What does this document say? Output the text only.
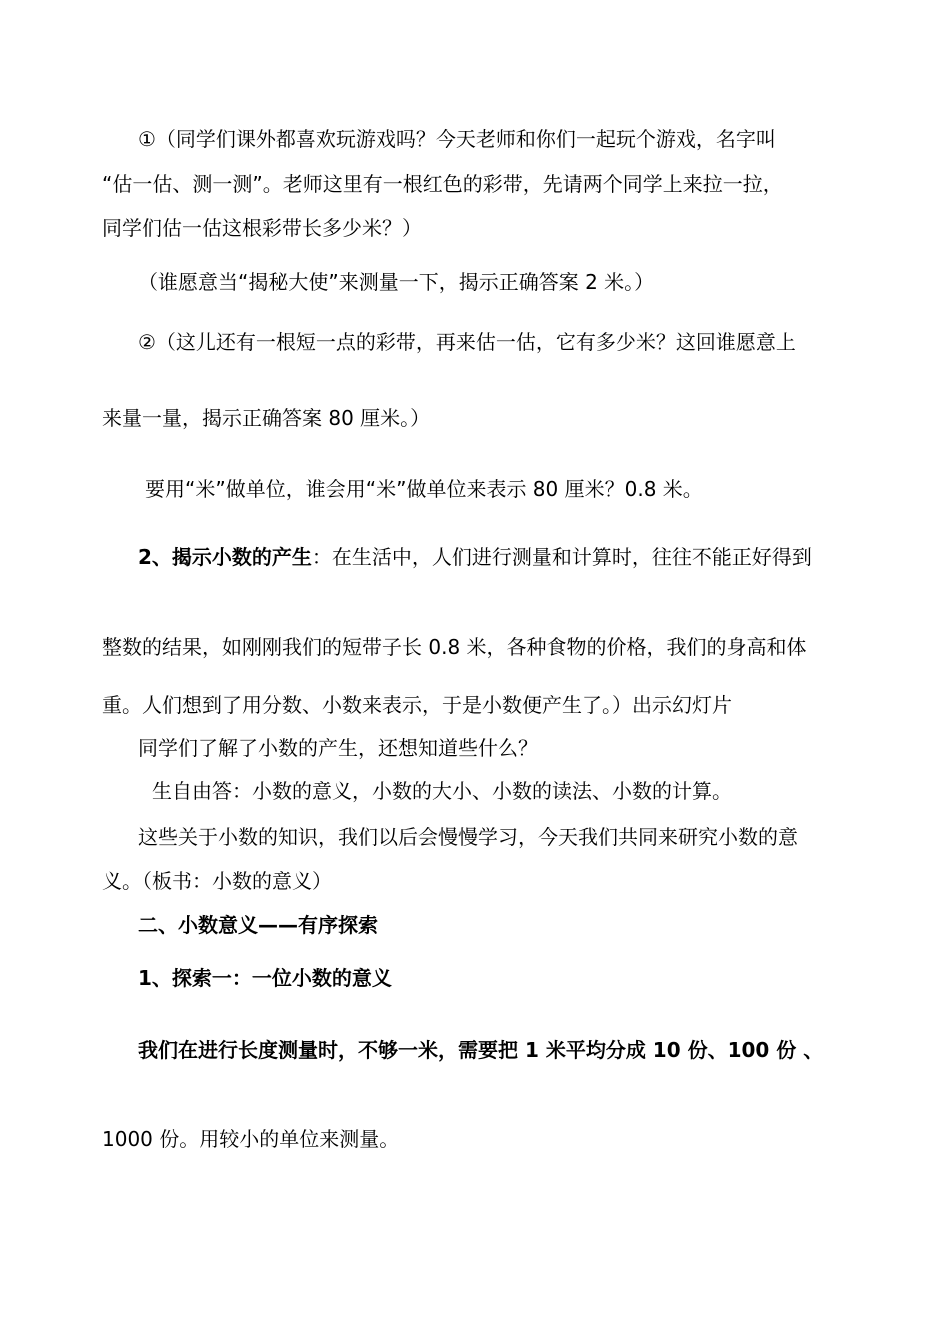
①（同学们课外都喜欢玩游戏吗？今天老师和你们一起玩个游戏，名字叫

“估一估、测一测”。老师这里有一根红色的彩带，先请两个同学上来拉一拉，

同学们估一估这根彩带长多少米？）

（谁愿意当“揭秘大使”来测量一下，揭示正确答案 2 米。）

②（这儿还有一根短一点的彩带，再来估一估，它有多少米？这回谁愿意上

来量一量，揭示正确答案 80 厘米。）

要用“米”做单位，谁会用“米”做单位来表示 80 厘米？0.8 米。

2、揭示小数的产生：在生活中，人们进行测量和计算时，往往不能正好得到

整数的结果，如刚刚我们的短带子长 0.8 米，各种食物的价格，我们的身高和体

重。人们想到了用分数、小数来表示，于是小数便产生了。）出示幻灯片

同学们了解了小数的产生，还想知道些什么？

生自由答：小数的意义，小数的大小、小数的读法、小数的计算。

这些关于小数的知识，我们以后会慢慢学习，今天我们共同来研究小数的意

义。（板书：小数的意义）

二、小数意义——有序探索

1、探索一：一位小数的意义

我们在进行长度测量时，不够一米，需要把 1 米平均分成 10 份、100 份 、

1000 份。用较小的单位来测量。
